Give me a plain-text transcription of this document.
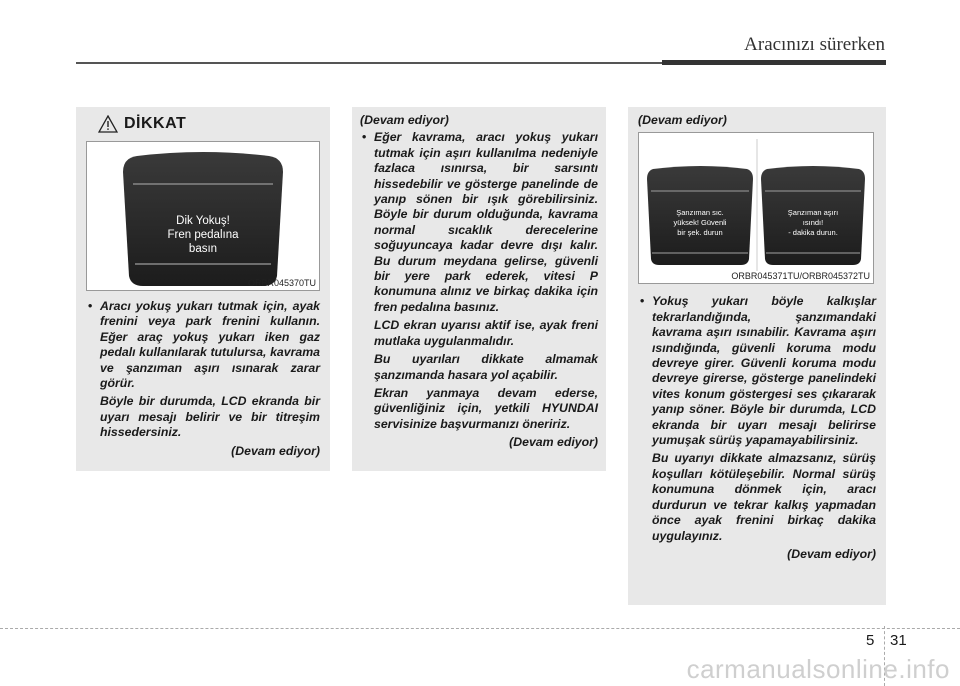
Aracınızı sürerken
DİKKAT
Dik Yokuş!
Fren pedalına
basın
ORBR045370TU
• Aracı yokuş yukarı tutmak için, ayak frenini veya park frenini kullanın. Eğer araç yokuş yukarı iken gaz pedalı kullanılarak tutulursa, kavrama ve şanzıman aşırı ısınarak zarar görür.
Böyle bir durumda, LCD ekranda bir uyarı mesajı belirir ve bir titreşim hissedersiniz.
(Devam ediyor)
(Devam ediyor)
• Eğer kavrama, aracı yokuş yukarı tutmak için aşırı kullanılma nedeniyle fazlaca ısınırsa, bir sarsıntı hissedebilir ve gösterge panelinde de yanıp sönen bir ışık görebilirsiniz. Böyle bir durum olduğunda, kavrama normal sıcaklık derecelerine soğuyuncaya kadar devre dışı kalır. Bu durum meydana gelirse, güvenli bir yere park ederek, vitesi P konumuna alınız ve birkaç dakika için fren pedalına basınız.
LCD ekran uyarısı aktif ise, ayak freni mutlaka uygulanmalıdır.
Bu uyarıları dikkate almamak şanzımanda hasara yol açabilir.
Ekran yanmaya devam ederse, güvenliğiniz için, yetkili HYUNDAI servisinize başvurmanızı öneririz.
(Devam ediyor)
(Devam ediyor)
Şanzıman sıc.
yüksek! Güvenli
bir şek. durun
Şanzıman aşırı
ısındı!
- dakika durun.
ORBR045371TU/ORBR045372TU
• Yokuş yukarı böyle kalkışlar tekrarlandığında, şanzımandaki kavrama aşırı ısınabilir. Kavrama aşırı ısındığında, güvenli koruma modu devreye girer. Güvenli koruma modu devreye girerse, gösterge panelindeki vites konum göstergesi ses çıkararak yanıp söner. Böyle bir durumda, LCD ekranda bir uyarı mesajı belirirse yumuşak sürüş yapamayabilirsiniz.
Bu uyarıyı dikkate almazsanız, sürüş koşulları kötüleşebilir. Normal sürüş konumuna dönmek için, aracı durdurun ve tekrar kalkış yapmadan önce ayak frenini birkaç dakika uygulayınız.
(Devam ediyor)
5 31
carmanualsonline.info
